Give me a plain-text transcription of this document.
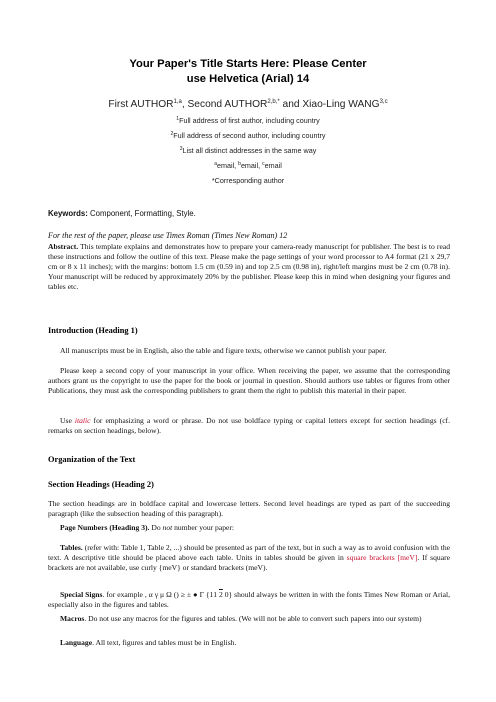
Your Paper's Title Starts Here: Please Center
use Helvetica (Arial) 14
First AUTHOR$^{1,a}$, Second $AUTHOR^{2,b,*}$ and Xiao-Ling WANG$^{3,c}$
$^1$Full address of first author, including country
$^2$Full address of second author, including country
$^3$List all distinct addresses in the same way
$^a$email, $^b$email, $^c$email
*Corresponding author
Keywords: Component, Formatting, Style.
For the rest of the paper, please use Times Roman (Times New Roman) 12
Abstract. This template explains and demonstrates how to prepare your camera-ready manuscript for publisher. The best is to read these instructions and follow the outline of this text. Please make the page settings of your word processor to A4 format (21 x 29,7 cm or 8 x 11 inches); with the margins: bottom 1.5 cm (0.59 in) and top 2.5 cm (0.98 in), right/left margins must be 2 cm (0.78 in). Your manuscript will be reduced by approximately 20% by the publisher. Please keep this in mind when designing your figures and tables etc.
Introduction (Heading 1)
All manuscripts must be in English, also the table and figure texts, otherwise we cannot publish your paper.
Please keep a second copy of your manuscript in your office. When receiving the paper, we assume that the corresponding authors grant us the copyright to use the paper for the book or journal in question. Should authors use tables or figures from other Publications, they must ask the corresponding publishers to grant them the right to publish this material in their paper.
Use italic for emphasizing a word or phrase. Do not use boldface typing or capital letters except for section headings (cf. remarks on section headings, below).
Organization of the Text
Section Headings (Heading 2)
The section headings are in boldface capital and lowercase letters. Second level headings are typed as part of the succeeding paragraph (like the subsection heading of this paragraph).
Page Numbers (Heading 3). Do not number your paper:
Tables. (refer with: Table 1, Table 2, ...) should be presented as part of the text, but in such a way as to avoid confusion with the text. A descriptive title should be placed above each table. Units in tables should be given in square brackets [meV]. If square brackets are not available, use curly {meV} or standard brackets (meV).
Special Signs. for example , α γ μ Ω () ≥ ± ● Γ {11 2 0} should always be written in with the fonts Times New Roman or Arial, especially also in the figures and tables.
Macros. Do not use any macros for the figures and tables. (We will not be able to convert such papers into our system)
Language. All text, figures and tables must be in English.
